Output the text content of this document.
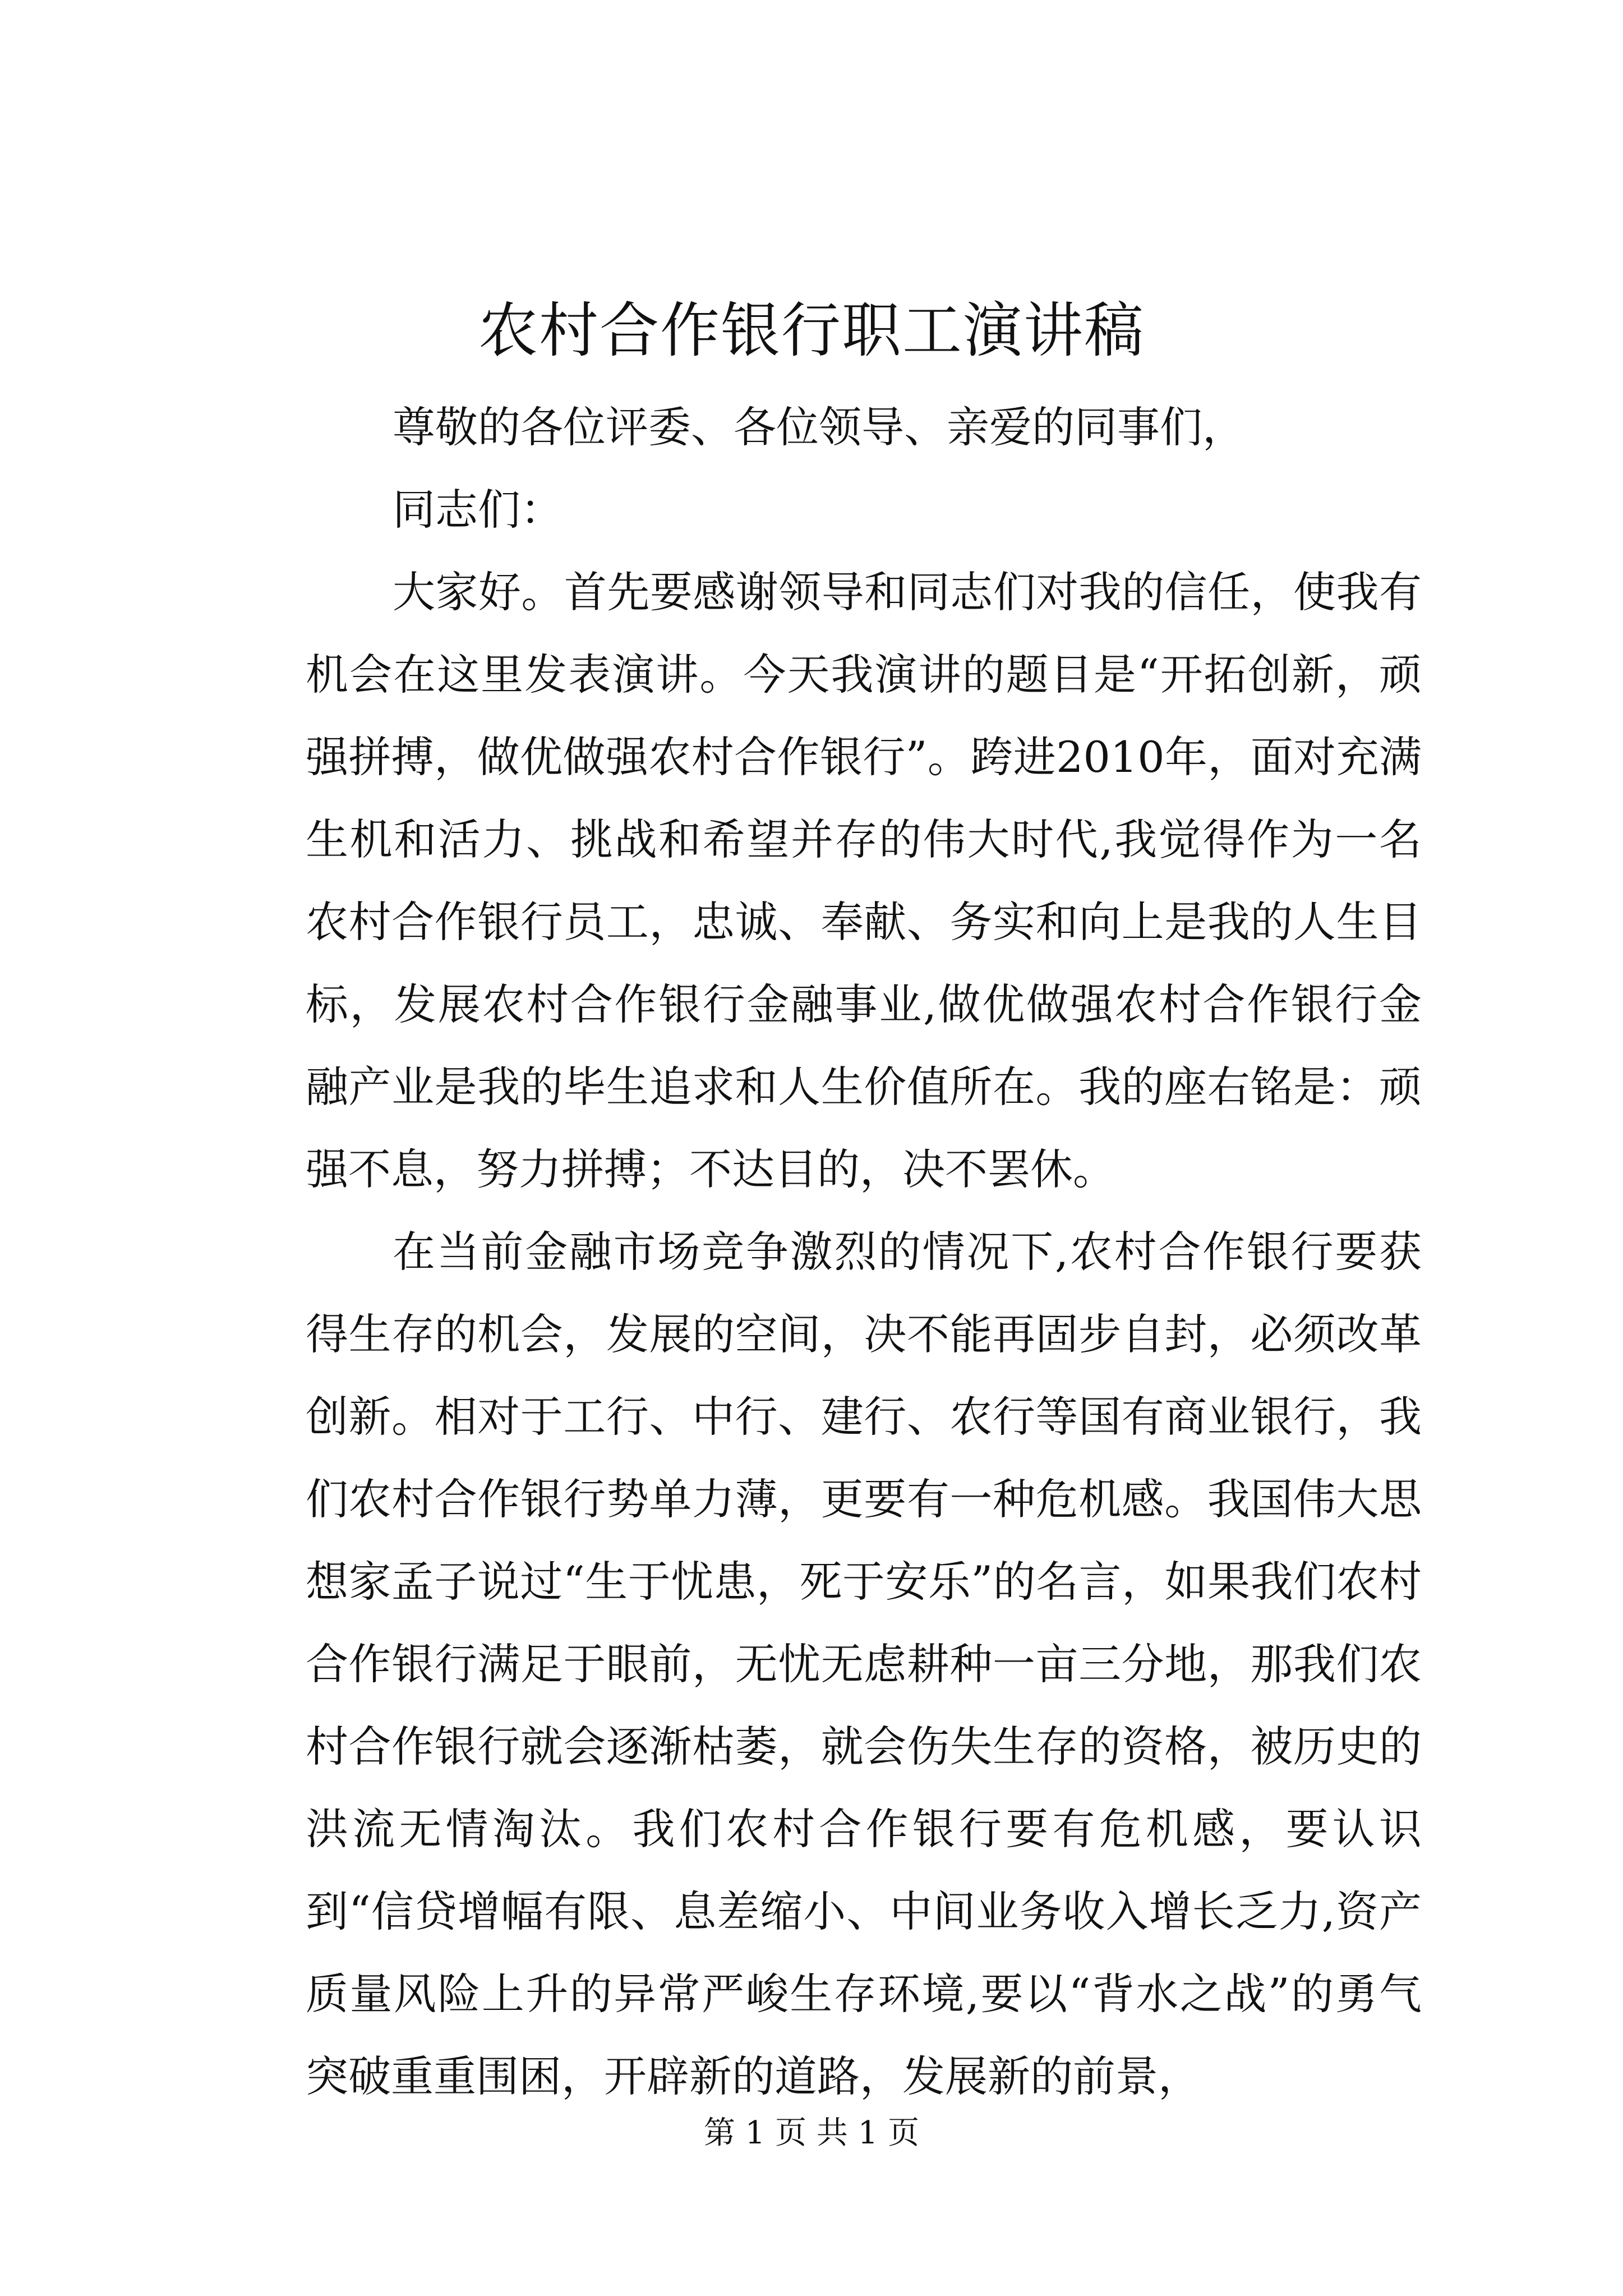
农村合作银行职工演讲稿

尊敬的各位评委、各位领导、亲爱的同事们，

同志们：

大家好。首先要感谢领导和同志们对我的信任，使我有机会在这里发表演讲。今天我演讲的题目是“开拓创新，顽强拼搏，做优做强农村合作银行”。跨进2010年，面对充满生机和活力、挑战和希望并存的伟大时代,我觉得作为一名农村合作银行员工，忠诚、奉献、务实和向上是我的人生目标，发展农村合作银行金融事业,做优做强农村合作银行金融产业是我的毕生追求和人生价值所在。我的座右铭是：顽强不息，努力拼搏；不达目的，决不罢休。

在当前金融市场竞争激烈的情况下,农村合作银行要获得生存的机会，发展的空间，决不能再固步自封，必须改革创新。相对于工行、中行、建行、农行等国有商业银行，我们农村合作银行势单力薄，更要有一种危机感。我国伟大思想家孟子说过“生于忧患，死于安乐”的名言，如果我们农村合作银行满足于眼前，无忧无虑耕种一亩三分地，那我们农村合作银行就会逐渐枯萎，就会伤失生存的资格，被历史的洪流无情淘汰。我们农村合作银行要有危机感，要认识到“信贷增幅有限、息差缩小、中间业务收入增长乏力,资产质量风险上升的异常严峻生存环境,要以“背水之战”的勇气突破重重围困，开辟新的道路，发展新的前景，

第 1 页 共 1 页
